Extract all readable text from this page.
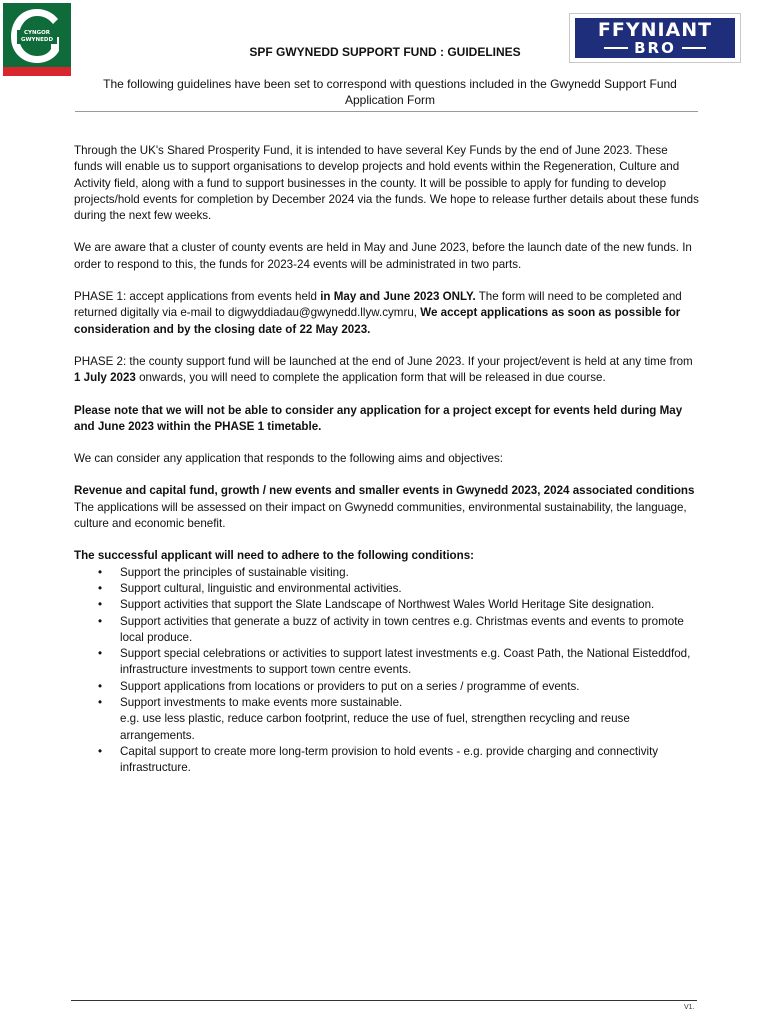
CYNGOR GWYNEDD	FFYNIANT
BRO
SPF GWYNEDD SUPPORT FUND : GUIDELINES
The following guidelines have been set to correspond with questions included in the Gwynedd Support Fund Application Form

Through the UK's Shared Prosperity Fund, it is intended to have several Key Funds by the end of June 2023. These funds will enable us to support organisations to develop projects and hold events within the Regeneration, Culture and Activity field, along with a fund to support businesses in the county. It will be possible to apply for funding to develop projects/hold events for completion by December 2024 via the funds. We hope to release further details about these funds during the next few weeks.

We are aware that a cluster of county events are held in May and June 2023, before the launch date of the new funds. In order to respond to this, the funds for 2023-24 events will be administrated in two parts.

PHASE 1: accept applications from events held in May and June 2023 ONLY. The form will need to be completed and returned digitally via e-mail to digwyddiadau@gwynedd.llyw.cymru, We accept applications as soon as possible for consideration and by the closing date of 22 May 2023.

PHASE 2: the county support fund will be launched at the end of June 2023. If your project/event is held at any time from 1 July 2023 onwards, you will need to complete the application form that will be released in due course.

Please note that we will not be able to consider any application for a project except for events held during May and June 2023 within the PHASE 1 timetable.

We can consider any application that responds to the following aims and objectives:

Revenue and capital fund, growth / new events and smaller events in Gwynedd 2023, 2024 associated conditions

The applications will be assessed on their impact on Gwynedd communities, environmental sustainability, the language, culture and economic benefit.

The successful applicant will need to adhere to the following conditions:

• Support the principles of sustainable visiting.
• Support cultural, linguistic and environmental activities.
• Support activities that support the Slate Landscape of Northwest Wales World Heritage Site designation.
• Support activities that generate a buzz of activity in town centres e.g. Christmas events and events to promote local produce.
• Support special celebrations or activities to support latest investments e.g. Coast Path, the National Eisteddfod, infrastructure investments to support town centre events.
• Support applications from locations or providers to put on a series / programme of events.
• Support investments to make events more sustainable.
e.g. use less plastic, reduce carbon footprint, reduce the use of fuel, strengthen recycling and reuse arrangements.
• Capital support to create more long-term provision to hold events - e.g. provide charging and connectivity infrastructure.
V1.
